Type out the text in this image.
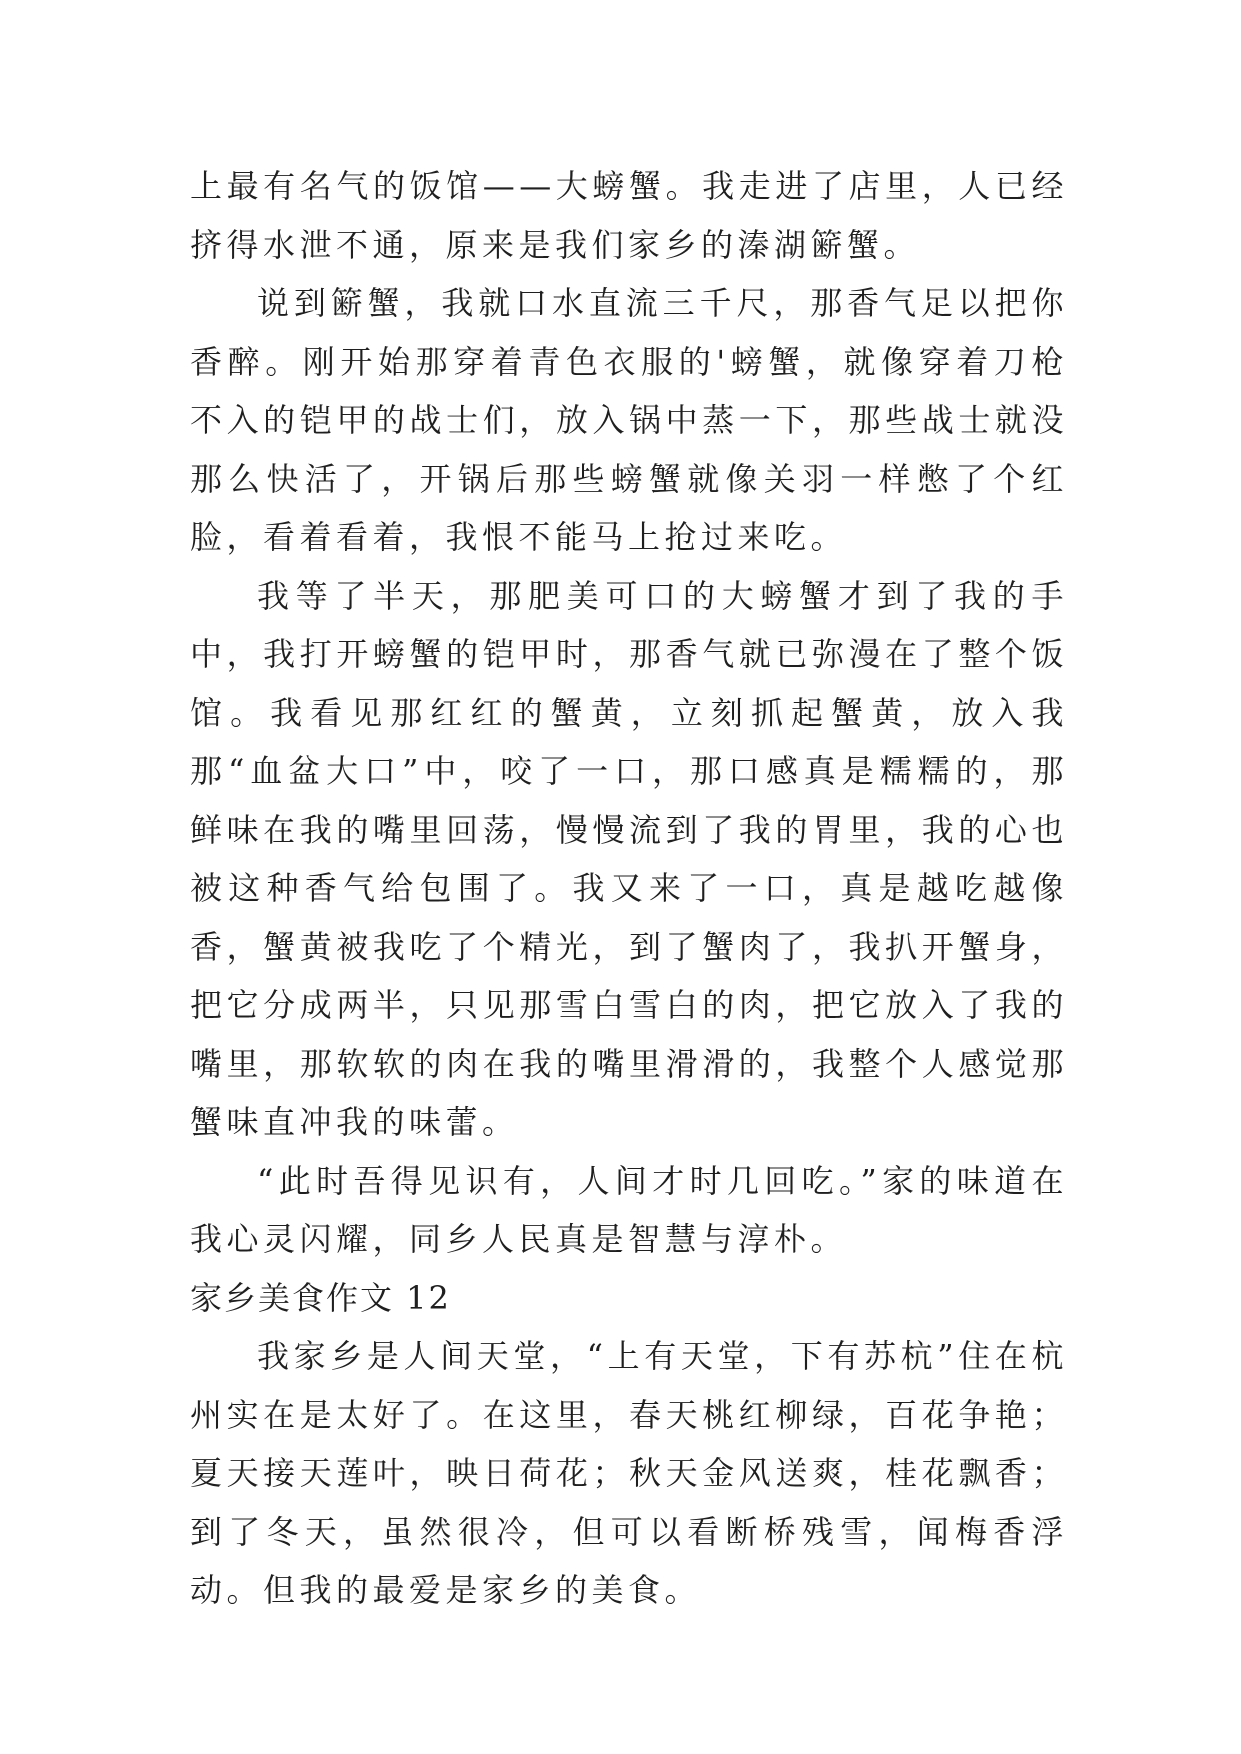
上最有名气的饭馆——大螃蟹。我走进了店里，人已经挤得水泄不通，原来是我们家乡的溱湖簖蟹。

说到簖蟹，我就口水直流三千尺，那香气足以把你香醉。刚开始那穿着青色衣服的'螃蟹，就像穿着刀枪不入的铠甲的战士们，放入锅中蒸一下，那些战士就没那么快活了，开锅后那些螃蟹就像关羽一样憋了个红脸，看着看着，我恨不能马上抢过来吃。

我等了半天，那肥美可口的大螃蟹才到了我的手中，我打开螃蟹的铠甲时，那香气就已弥漫在了整个饭馆。我看见那红红的蟹黄，立刻抓起蟹黄，放入我那“血盆大口”中，咬了一口，那口感真是糯糯的，那鲜味在我的嘴里回荡，慢慢流到了我的胃里，我的心也被这种香气给包围了。我又来了一口，真是越吃越像香，蟹黄被我吃了个精光，到了蟹肉了，我扒开蟹身，把它分成两半，只见那雪白雪白的肉，把它放入了我的嘴里，那软软的肉在我的嘴里滑滑的，我整个人感觉那蟹味直冲我的味蕾。

“此时吾得见识有，人间才时几回吃。”家的味道在我心灵闪耀，同乡人民真是智慧与淳朴。

家乡美食作文 12

我家乡是人间天堂，“上有天堂，下有苏杭”住在杭州实在是太好了。在这里，春天桃红柳绿，百花争艳；夏天接天莲叶，映日荷花；秋天金风送爽，桂花飘香；到了冬天，虽然很冷，但可以看断桥残雪，闻梅香浮动。但我的最爱是家乡的美食。
